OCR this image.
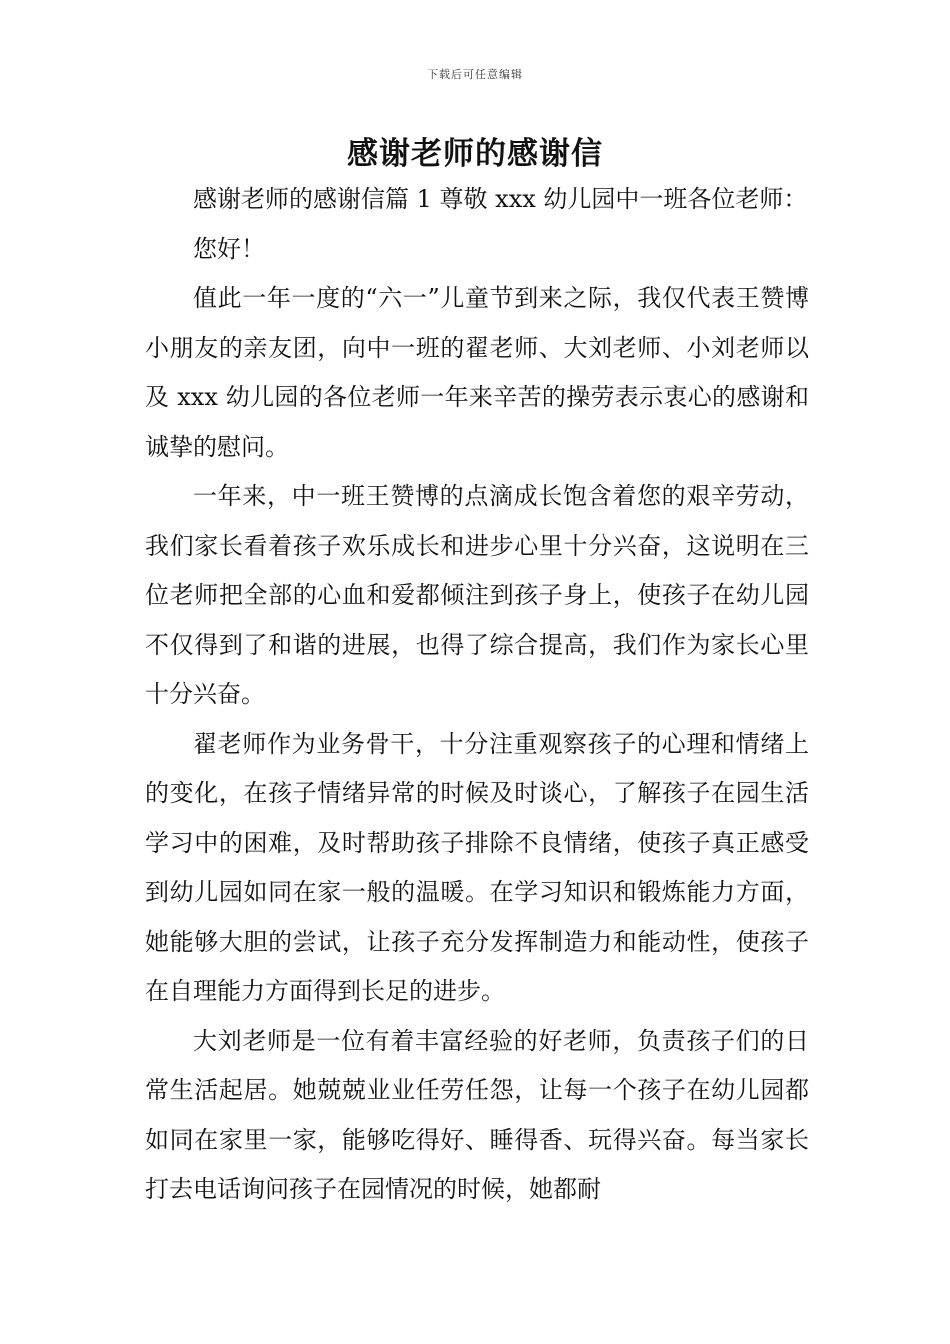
下载后可任意编辑
感谢老师的感谢信

感谢老师的感谢信篇 1 尊敬 xxx 幼儿园中一班各位老师：

您好！

值此一年一度的“六一”儿童节到来之际，我仅代表王赞博小朋友的亲友团，向中一班的翟老师、大刘老师、小刘老师以及 xxx 幼儿园的各位老师一年来辛苦的操劳表示衷心的感谢和诚挚的慰问。

一年来，中一班王赞博的点滴成长饱含着您的艰辛劳动，我们家长看着孩子欢乐成长和进步心里十分兴奋，这说明在三位老师把全部的心血和爱都倾注到孩子身上，使孩子在幼儿园不仅得到了和谐的进展，也得了综合提高，我们作为家长心里十分兴奋。

翟老师作为业务骨干，十分注重观察孩子的心理和情绪上的变化，在孩子情绪异常的时候及时谈心，了解孩子在园生活学习中的困难，及时帮助孩子排除不良情绪，使孩子真正感受到幼儿园如同在家一般的温暖。在学习知识和锻炼能力方面，她能够大胆的尝试，让孩子充分发挥制造力和能动性，使孩子在自理能力方面得到长足的进步。

大刘老师是一位有着丰富经验的好老师，负责孩子们的日常生活起居。她兢兢业业任劳任怨，让每一个孩子在幼儿园都如同在家里一家，能够吃得好、睡得香、玩得兴奋。每当家长打去电话询问孩子在园情况的时候，她都耐
